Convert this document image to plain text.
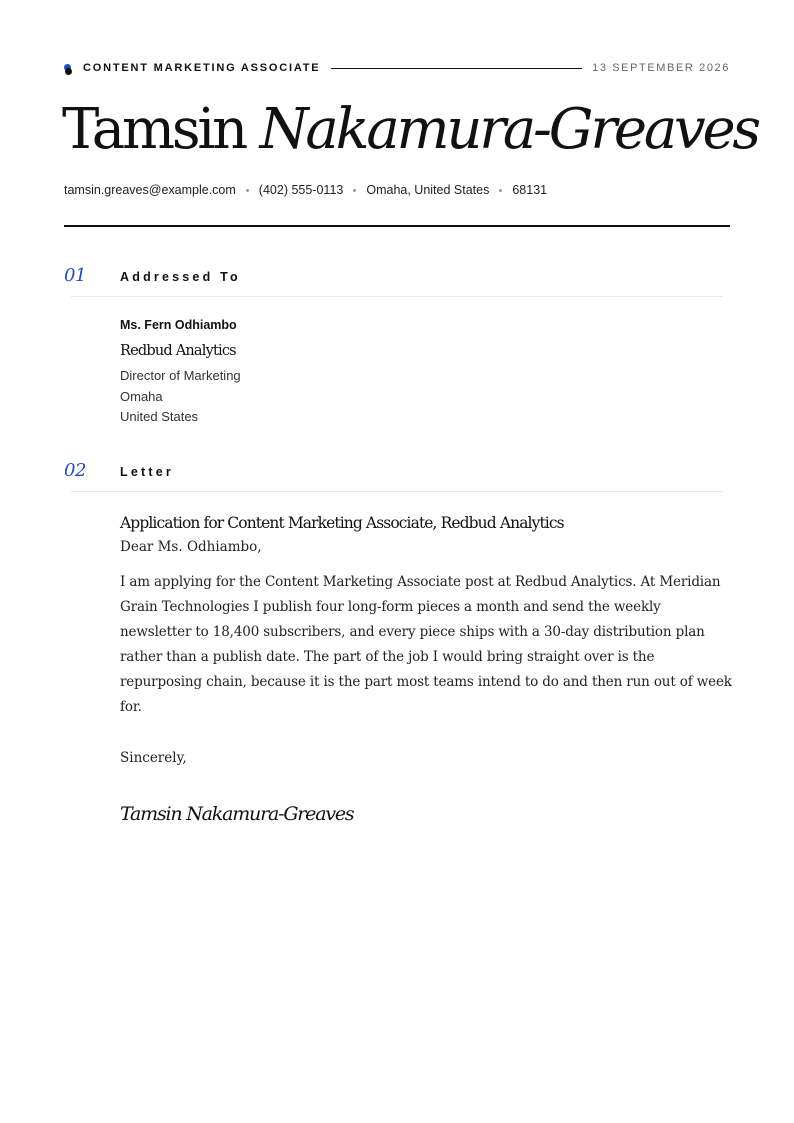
CONTENT MARKETING ASSOCIATE	13 SEPTEMBER 2026
Tamsin Nakamura-Greaves
tamsin.greaves@example.com (402) 555-0113 Omaha, United States 68131
01	Addressed To
Ms. Fern Odhiambo
Redbud Analytics
Director of Marketing
Omaha
United States
02	Letter
Application for Content Marketing Associate, Redbud Analytics
Dear Ms. Odhiambo,
I am applying for the Content Marketing Associate post at Redbud Analytics. At Meridian Grain Technologies I publish four long-form pieces a month and send the weekly newsletter to 18,400 subscribers, and every piece ships with a 30-day distribution plan rather than a publish date. The part of the job I would bring straight over is the repurposing chain, because it is the part most teams intend to do and then run out of week for.
Sincerely,
Tamsin Nakamura-Greaves
